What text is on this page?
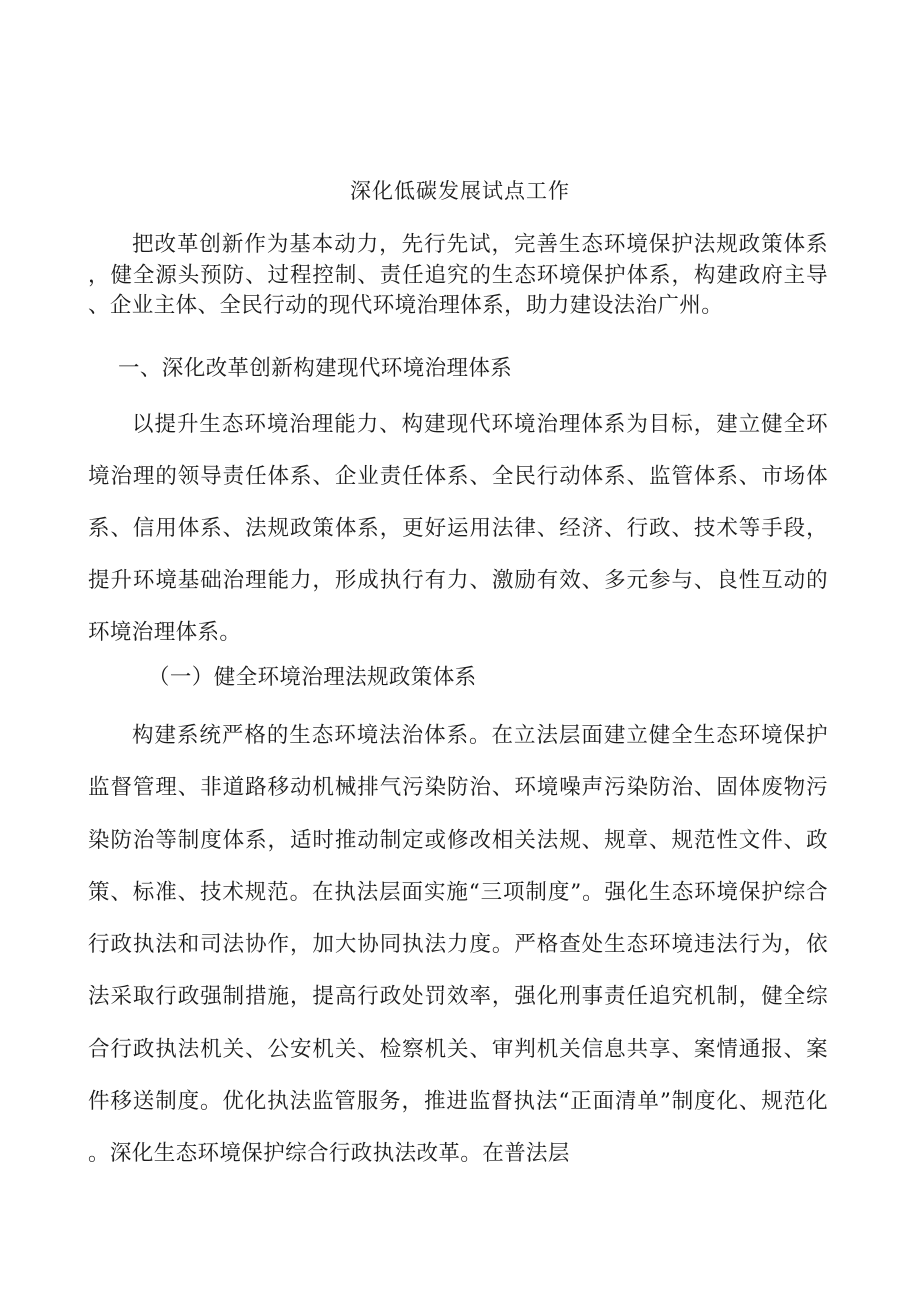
深化低碳发展试点工作

把改革创新作为基本动力，先行先试，完善生态环境保护法规政策体系，健全源头预防、过程控制、责任追究的生态环境保护体系，构建政府主导、企业主体、全民行动的现代环境治理体系，助力建设法治广州。

一、深化改革创新构建现代环境治理体系

以提升生态环境治理能力、构建现代环境治理体系为目标，建立健全环境治理的领导责任体系、企业责任体系、全民行动体系、监管体系、市场体系、信用体系、法规政策体系，更好运用法律、经济、行政、技术等手段，提升环境基础治理能力，形成执行有力、激励有效、多元参与、良性互动的环境治理体系。

（一）健全环境治理法规政策体系

构建系统严格的生态环境法治体系。在立法层面建立健全生态环境保护监督管理、非道路移动机械排气污染防治、环境噪声污染防治、固体废物污染防治等制度体系，适时推动制定或修改相关法规、规章、规范性文件、政策、标准、技术规范。在执法层面实施“三项制度”。强化生态环境保护综合行政执法和司法协作，加大协同执法力度。严格查处生态环境违法行为，依法采取行政强制措施，提高行政处罚效率，强化刑事责任追究机制，健全综合行政执法机关、公安机关、检察机关、审判机关信息共享、案情通报、案件移送制度。优化执法监管服务，推进监督执法“正面清单”制度化、规范化。深化生态环境保护综合行政执法改革。在普法层
